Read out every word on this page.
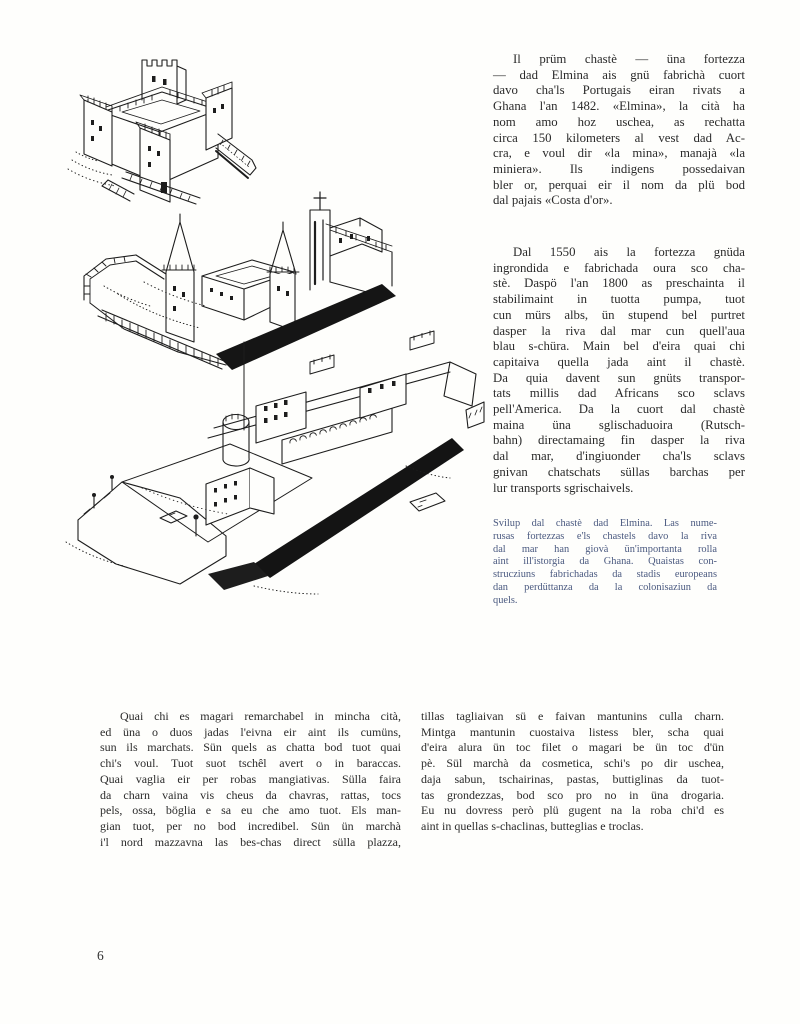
Il prüm chastè — üna fortezza
— dad Elmina ais gnü fabrichà cuort
davo cha'ls Portugais eiran rivats a
Ghana l'an 1482. «Elmina», la cità ha
nom amo hoz uschea, as rechatta
circa 150 kilometers al vest dad Ac-
cra, e voul dir «la mina», manajà «la
miniera». Ils indigens possedaivan
bler or, perquai eir il nom da plü bod
dal pajais «Costa d'or».
Dal 1550 ais la fortezza gnüda
ingrondida e fabrichada oura sco cha-
stè. Daspö l'an 1800 as preschainta il
stabilimaint in tuotta pumpa, tuot
cun mürs albs, ün stupend bel purtret
dasper la riva dal mar cun quell'aua
blau s-chüra. Main bel d'eira quai chi
capitaiva quella jada aint il chastè.
Da quia davent sun gnüts transpor-
tats millis dad Africans sco sclavs
pell'America. Da la cuort dal chastè
maina üna sglischaduoira (Rutsch-
bahn) directamaing fin dasper la riva
dal mar, d'ingiuonder cha'ls sclavs
gnivan chatschats süllas barchas per
lur transports sgrischaivels.
Svilup dal chastè dad Elmina. Las nume-
rusas fortezzas e'ls chastels davo la riva
dal mar han giovà ün'importanta rolla
aint ill'istorgia da Ghana. Quaistas con-
strucziuns fabrichadas da stadis europeans
dan perdüttanza da la colonisaziun da
quels.
Quai chi es magari remarchabel in mincha cità,
ed üna o duos jadas l'eivna eir aint ils cumüns,
sun ils marchats. Sün quels as chatta bod tuot quai
chi's voul. Tuot suot tschêl avert o in baraccas.
Quai vaglia eir per robas mangiativas. Sülla faira
da charn vaina vis cheus da chavras, rattas, tocs
pels, ossa, böglia e sa eu che amo tuot. Els man-
gian tuot, per no bod incredibel. Sün ün marchà
i'l nord mazzavna las bes-chas direct sülla plazza,
tillas tagliaivan sü e faivan mantunins culla charn.
Mintga mantunin cuostaiva listess bler, scha quai
d'eira alura ün toc filet o magari be ün toc d'ün
pè. Sül marchà da cosmetica, schi's po dir uschea,
daja sabun, tschairinas, pastas, buttiglinas da tuot-
tas grondezzas, bod sco pro no in üna drogaria.
Eu nu dovress però plü gugent na la roba chi'd es
aint in quellas s-chaclinas, butteglias e troclas.
6
